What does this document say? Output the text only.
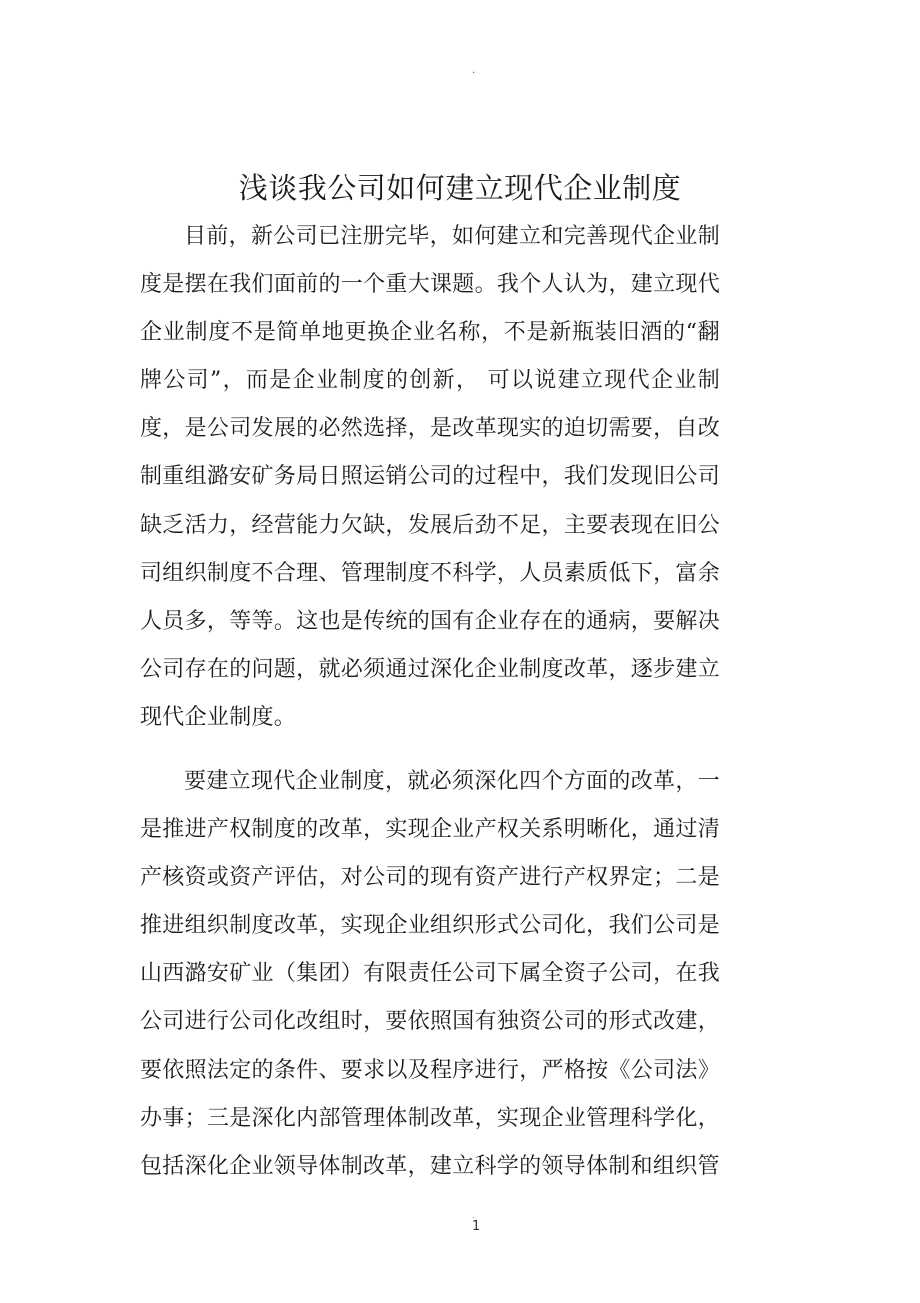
.
浅谈我公司如何建立现代企业制度

目前，新公司已注册完毕，如何建立和完善现代企业制度是摆在我们面前的一个重大课题。我个人认为，建立现代企业制度不是简单地更换企业名称，不是新瓶装旧酒的“翻牌公司”，而是企业制度的创新， 可以说建立现代企业制度，是公司发展的必然选择，是改革现实的迫切需要，自改制重组潞安矿务局日照运销公司的过程中，我们发现旧公司缺乏活力，经营能力欠缺，发展后劲不足，主要表现在旧公司组织制度不合理、管理制度不科学，人员素质低下，富余人员多，等等。这也是传统的国有企业存在的通病，要解决公司存在的问题，就必须通过深化企业制度改革，逐步建立现代企业制度。

要建立现代企业制度，就必须深化四个方面的改革，一是推进产权制度的改革，实现企业产权关系明晰化，通过清产核资或资产评估，对公司的现有资产进行产权界定；二是推进组织制度改革，实现企业组织形式公司化，我们公司是山西潞安矿业（集团）有限责任公司下属全资子公司，在我公司进行公司化改组时，要依照国有独资公司的形式改建，要依照法定的条件、要求以及程序进行，严格按《公司法》办事；三是深化内部管理体制改革，实现企业管理科学化，包括深化企业领导体制改革，建立科学的领导体制和组织管

.
1
